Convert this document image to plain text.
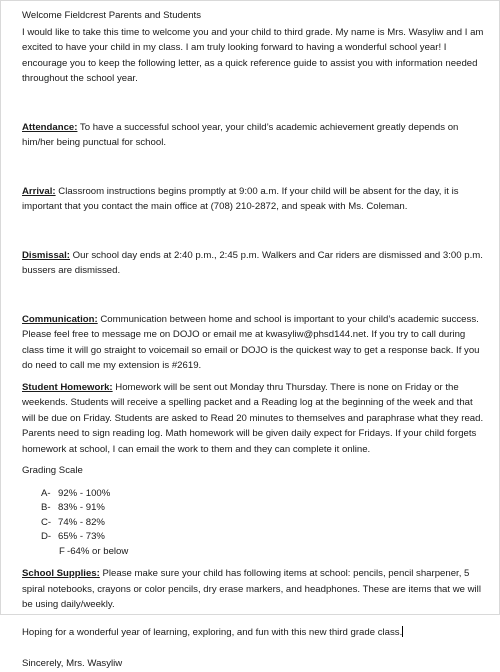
Welcome Fieldcrest Parents and Students

I would like to take this time to welcome you and your child to third grade. My name is Mrs. Wasyliw and I am excited to have your child in my class. I am truly looking forward to having a wonderful school year! I encourage you to keep the following letter, as a quick reference guide to assist you with information needed throughout the school year.

Attendance: To have a successful school year, your child’s academic achievement greatly depends on him/her being punctual for school.

Arrival: Classroom instructions begins promptly at 9:00 a.m. If your child will be absent for the day, it is important that you contact the main office at (708) 210-2872, and speak with Ms. Coleman.

Dismissal: Our school day ends at 2:40 p.m., 2:45 p.m. Walkers and Car riders are dismissed and 3:00 p.m. bussers are dismissed.

Communication: Communication between home and school is important to your child’s academic success. Please feel free to message me on DOJO or email me at kwasyliw@phsd144.net. If you try to call during class time it will go straight to voicemail so email or DOJO is the quickest way to get a response back. If you do need to call me my extension is #2619.

Student Homework: Homework will be sent out Monday thru Thursday. There is none on Friday or the weekends. Students will receive a spelling packet and a Reading log at the beginning of the week and that will be due on Friday. Students are asked to Read 20 minutes to themselves and paraphrase what they read. Parents need to sign reading log. Math homework will be given daily expect for Fridays. If your child forgets homework at school, I can email the work to them and they can complete it online.

Grading Scale

A- 92% - 100%
B- 83% - 91%
C- 74% - 82%
D- 65% - 73%
F -64% or below

School Supplies: Please make sure your child has following items at school: pencils, pencil sharpener, 5 spiral notebooks, crayons or color pencils, dry erase markers, and headphones. These are items that we will be using daily/weekly.

Hoping for a wonderful year of learning, exploring, and fun with this new third grade class.

Sincerely, Mrs. Wasyliw
